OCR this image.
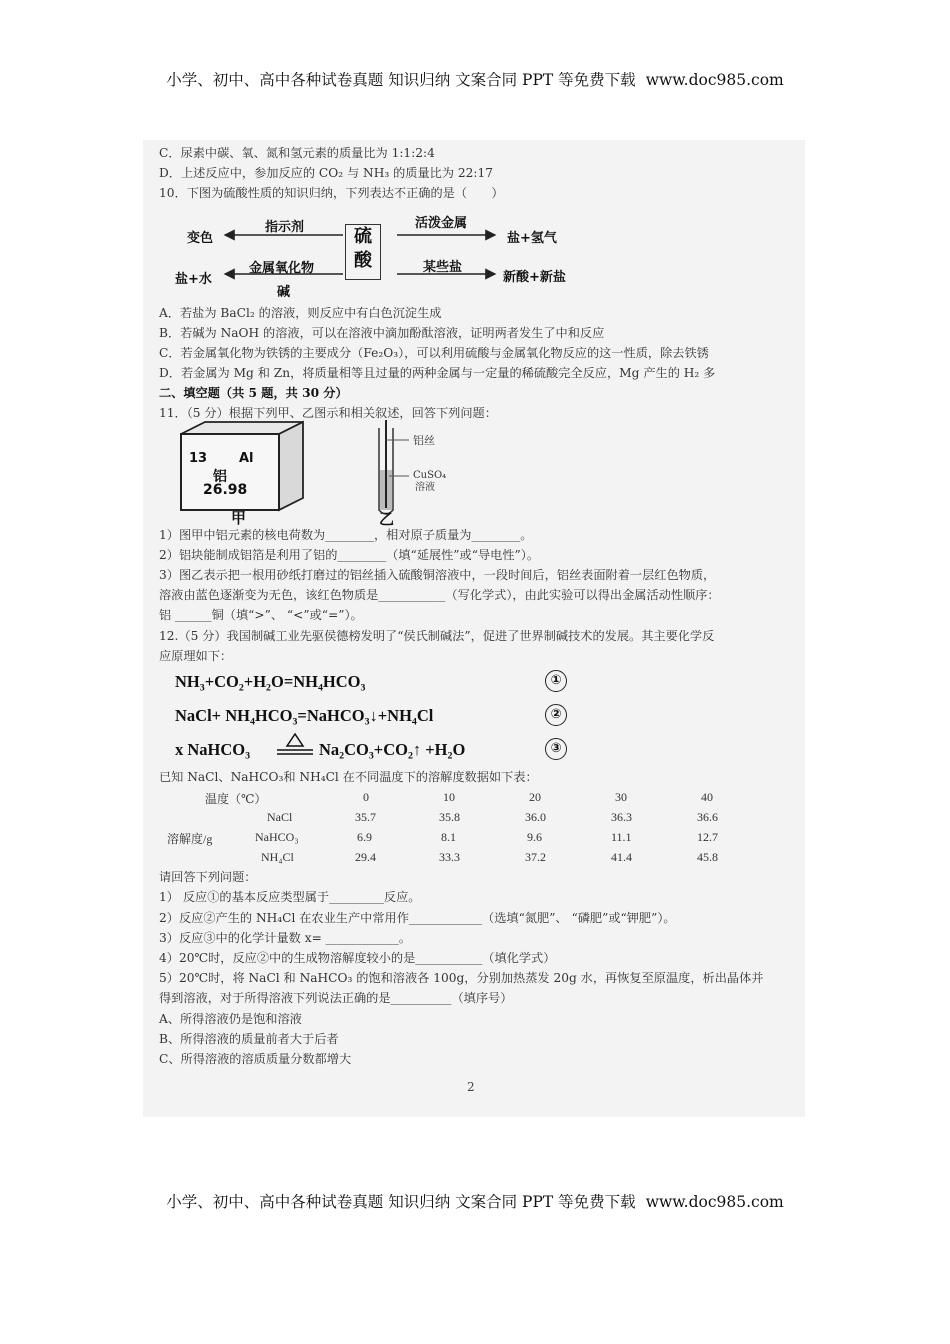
小学、初中、高中各种试卷真题 知识归纳 文案合同 PPT 等免费下载 www.doc985.com
C．尿素中碳、氧、氮和氢元素的质量比为 1:1:2:4
D．上述反应中，参加反应的 CO₂ 与 NH₃ 的质量比为 22:17
10．下图为硫酸性质的知识归纳，下列表达不正确的是（　　）
硫
酸
指示剂
变色
活泼金属
盐+氢气
金属氧化物
盐+水
碱
某些盐
新酸+新盐
A．若盐为 BaCl₂ 的溶液，则反应中有白色沉淀生成
B．若碱为 NaOH 的溶液，可以在溶液中滴加酚酞溶液，证明两者发生了中和反应
C．若金属氧化物为铁锈的主要成分（Fe₂O₃），可以利用硫酸与金属氧化物反应的这一性质，除去铁锈
D．若金属为 Mg 和 Zn，将质量相等且过量的两种金属与一定量的稀硫酸完全反应，Mg 产生的 H₂ 多
二、填空题（共 5 题，共 30 分）
11．（5 分）根据下列甲、乙图示和相关叙述，回答下列问题：
13 Al
铝
26.98
甲	乙
铝丝
CuSO₄
溶液
1）图甲中铝元素的核电荷数为________，相对原子质量为________。
2）铝块能制成铝箔是利用了铝的________（填“延展性”或“导电性”）。
3）图乙表示把一根用砂纸打磨过的铝丝插入硫酸铜溶液中，一段时间后，铝丝表面附着一层红色物质，
溶液由蓝色逐渐变为无色，该红色物质是___________（写化学式），由此实验可以得出金属活动性顺序：
铝 ______铜（填“>”、 “<”或“=”）。
12.（5 分）我国制碱工业先驱侯德榜发明了“侯氏制碱法”，促进了世界制碱技术的发展。其主要化学反
应原理如下：
NH₃+CO₂+H₂O=NH₄HCO₃	①
NaCl+ NH₄HCO₃=NaHCO₃↓+NH₄Cl	②
x NaHCO₃	Na₂CO₃+CO₂↑ +H₂O	③
已知 NaCl、NaHCO₃和 NH₄Cl 在不同温度下的溶解度数据如下表：
温度（℃）	0	10	20	30	40
溶解度/g
NaCl	35.7	35.8	36.0	36.3	36.6
NaHCO₃	6.9	8.1	9.6	11.1	12.7
NH₄Cl	29.4	33.3	37.2	41.4	45.8
请回答下列问题：
1） 反应①的基本反应类型属于_________反应。
2）反应②产生的 NH₄Cl 在农业生产中常用作____________（选填“氮肥”、 “磷肥”或“钾肥”）。
3）反应③中的化学计量数 x= ____________。
4）20℃时，反应②中的生成物溶解度较小的是___________（填化学式）
5）20℃时，将 NaCl 和 NaHCO₃ 的饱和溶液各 100g，分别加热蒸发 20g 水，再恢复至原温度，析出晶体并
得到溶液，对于所得溶液下列说法正确的是__________（填序号）
A、所得溶液仍是饱和溶液
B、所得溶液的质量前者大于后者
C、所得溶液的溶质质量分数都增大
2
小学、初中、高中各种试卷真题 知识归纳 文案合同 PPT 等免费下载 www.doc985.com
